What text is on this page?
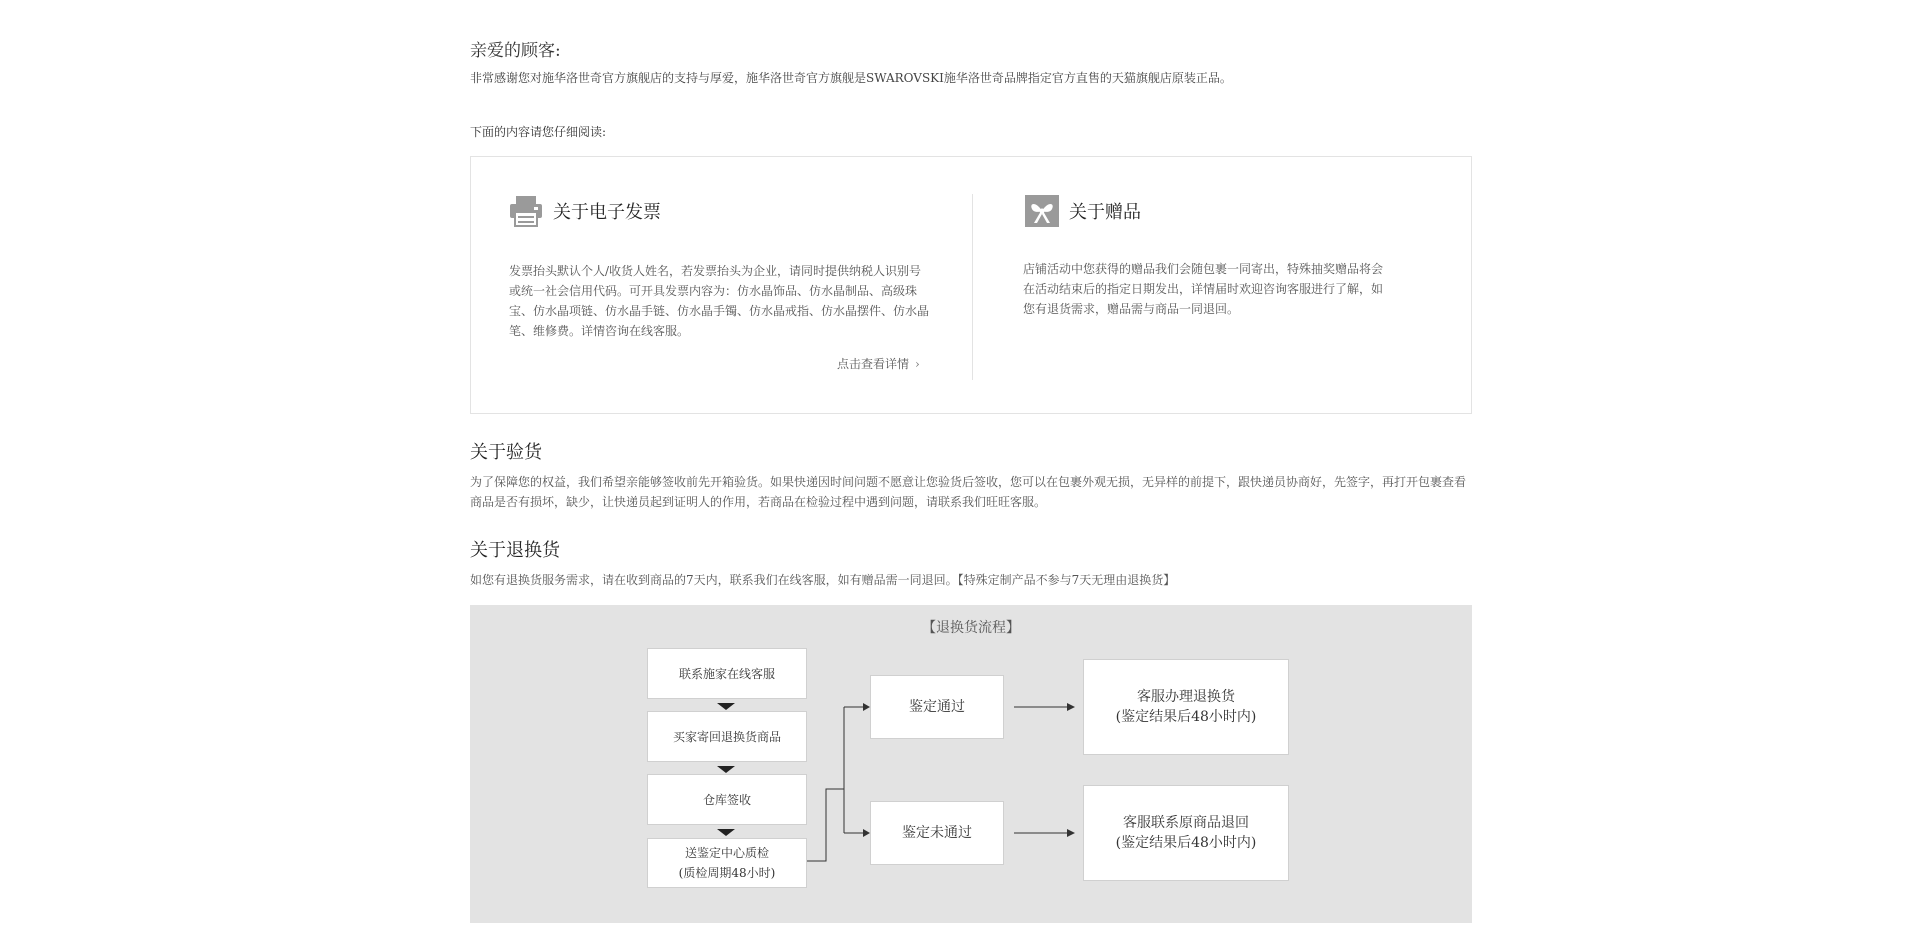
亲爱的顾客:
非常感谢您对施华洛世奇官方旗舰店的支持与厚爱，施华洛世奇官方旗舰是SWAROVSKI施华洛世奇品牌指定官方直售的天猫旗舰店原装正品。
下面的内容请您仔细阅读:
关于电子发票
发票抬头默认个人/收货人姓名，若发票抬头为企业，请同时提供纳税人识别号或统一社会信用代码。可开具发票内容为：仿水晶饰品、仿水晶制品、高级珠宝、仿水晶项链、仿水晶手链、仿水晶手镯、仿水晶戒指、仿水晶摆件、仿水晶笔、维修费。详情咨询在线客服。
点击查看详情 ›
关于赠品
店铺活动中您获得的赠品我们会随包裹一同寄出，特殊抽奖赠品将会在活动结束后的指定日期发出，详情届时欢迎咨询客服进行了解，如您有退货需求，赠品需与商品一同退回。
关于验货
为了保障您的权益，我们希望亲能够签收前先开箱验货。如果快递因时间问题不愿意让您验货后签收，您可以在包裹外观无损，无异样的前提下，跟快递员协商好，先签字，再打开包裹查看商品是否有损坏，缺少，让快递员起到证明人的作用，若商品在检验过程中遇到问题，请联系我们旺旺客服。
关于退换货
如您有退换货服务需求，请在收到商品的7天内，联系我们在线客服，如有赠品需一同退回。【特殊定制产品不参与7天无理由退换货】
【退换货流程】
联系施家在线客服
买家寄回退换货商品
仓库签收
送鉴定中心质检
(质检周期48小时)
鉴定通过
鉴定未通过
客服办理退换货
(鉴定结果后48小时内)
客服联系原商品退回
(鉴定结果后48小时内)
